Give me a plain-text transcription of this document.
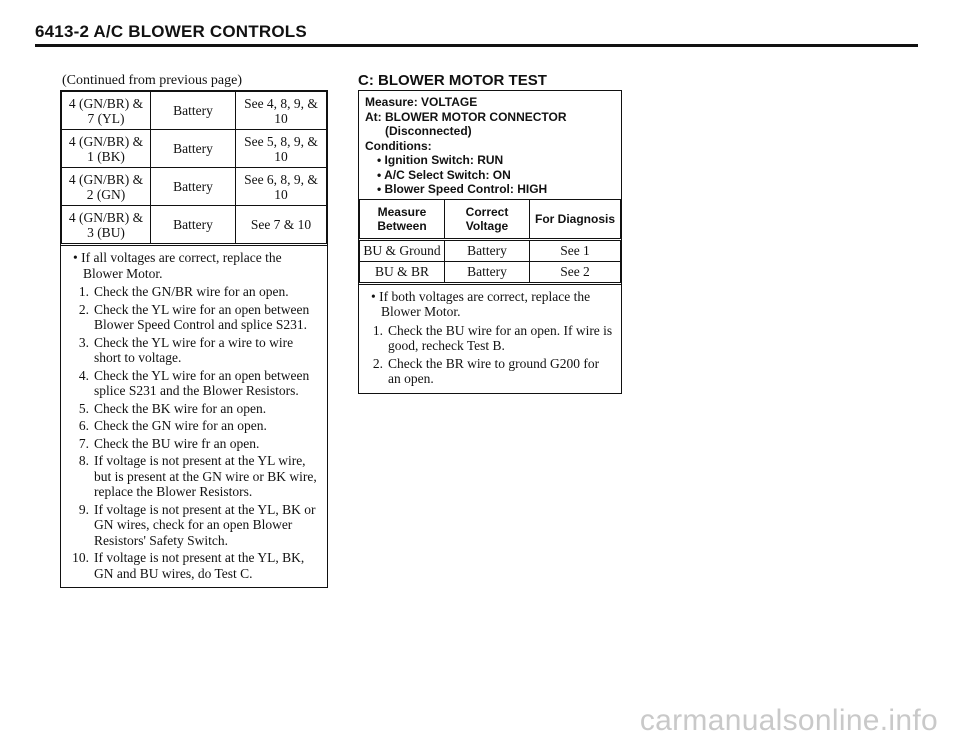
6413-2 A/C BLOWER CONTROLS
(Continued from previous page)
4 (GN/BR) & 7 (YL)	Battery	See 4, 8, 9, & 10
4 (GN/BR) & 1 (BK)	Battery	See 5, 8, 9, & 10
4 (GN/BR) & 2 (GN)	Battery	See 6, 8, 9, & 10
4 (GN/BR) & 3 (BU)	Battery	See 7 & 10
• If all voltages are correct, replace the Blower Motor.
1. Check the GN/BR wire for an open.
2. Check the YL wire for an open between Blower Speed Control and splice S231.
3. Check the YL wire for a wire to wire short to voltage.
4. Check the YL wire for an open between splice S231 and the Blower Resistors.
5. Check the BK wire for an open.
6. Check the GN wire for an open.
7. Check the BU wire fr an open.
8. If voltage is not present at the YL wire, but is present at the GN wire or BK wire, replace the Blower Resistors.
9. If voltage is not present at the YL, BK or GN wires, check for an open Blower Resistors' Safety Switch.
10. If voltage is not present at the YL, BK, GN and BU wires, do Test C.
C: BLOWER MOTOR TEST
Measure: VOLTAGE
At: BLOWER MOTOR CONNECTOR
(Disconnected)
Conditions:
• Ignition Switch: RUN
• A/C Select Switch: ON
• Blower Speed Control: HIGH
Measure Between	Correct Voltage	For Diagnosis
BU & Ground	Battery	See 1
BU & BR	Battery	See 2
• If both voltages are correct, replace the Blower Motor.
1. Check the BU wire for an open. If wire is good, recheck Test B.
2. Check the BR wire to ground G200 for an open.
carmanualsonline.info
